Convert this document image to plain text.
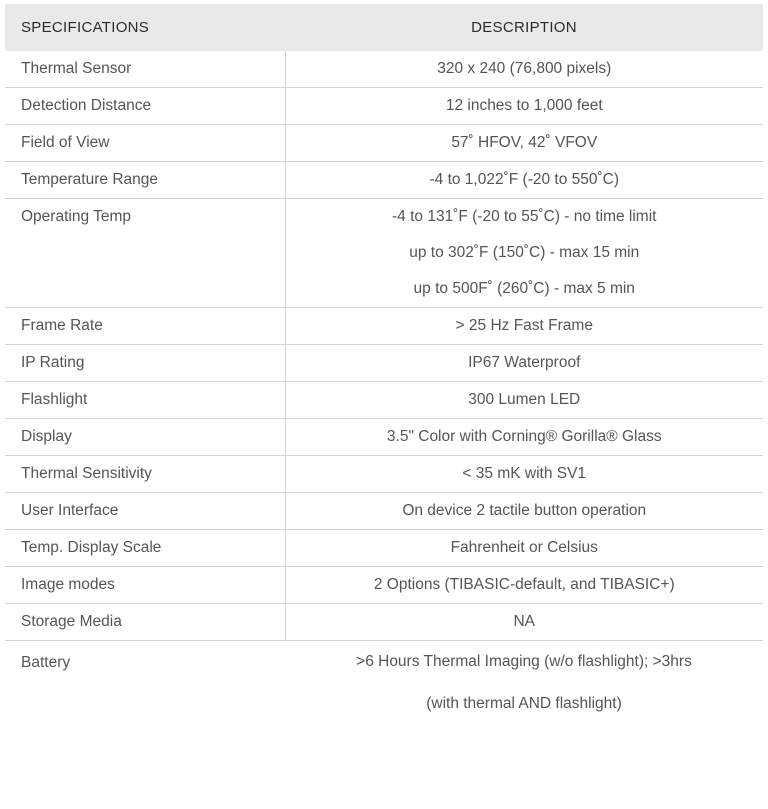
SPECIFICATIONS	DESCRIPTION
Thermal Sensor	320 x 240 (76,800 pixels)

Detection Distance	12 inches to 1,000 feet

Field of View	57˚ HFOV, 42˚ VFOV

Temperature Range	-4 to 1,022˚F (-20 to 550˚C)

Operating Temp	-4 to 131˚F (-20 to 55˚C) - no time limit
up to 302˚F (150˚C) - max 15 min
up to 500F˚ (260˚C) - max 5 min

Frame Rate	> 25 Hz Fast Frame

IP Rating	IP67 Waterproof

Flashlight	300 Lumen LED

Display	3.5" Color with Corning® Gorilla® Glass

Thermal Sensitivity	< 35 mK with SV1

User Interface	On device 2 tactile button operation

Temp. Display Scale	Fahrenheit or Celsius

Image modes	2 Options (TIBASIC-default, and TIBASIC+)

Storage Media	NA

Battery	>6 Hours Thermal Imaging (w/o flashlight); >3hrs
(with thermal AND flashlight)
